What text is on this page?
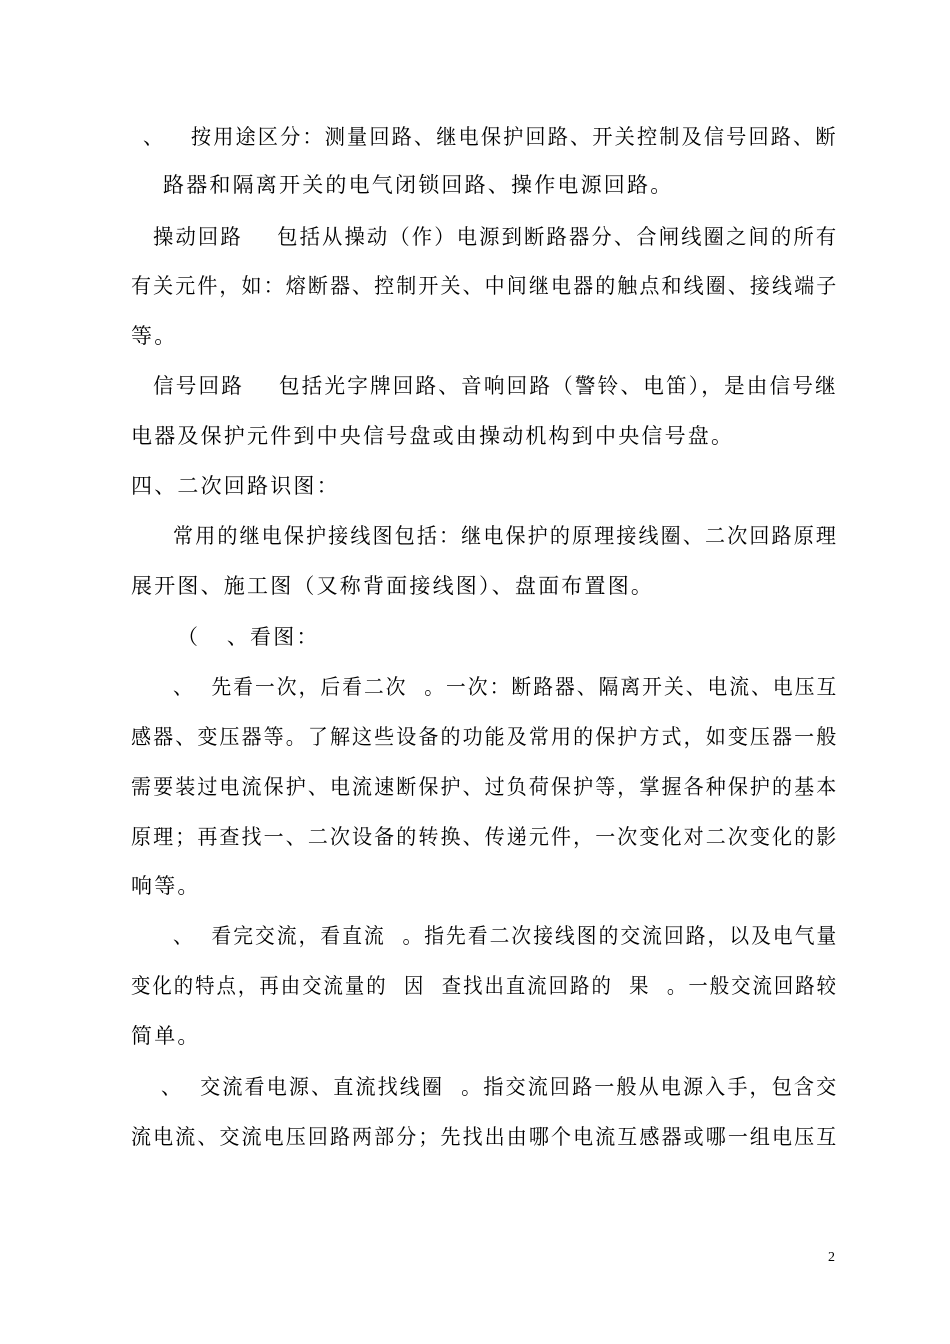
、   按用途区分：测量回路、继电保护回路、开关控制及信号回路、断
路器和隔离开关的电气闭锁回路、操作电源回路。
操动回路    包括从操动（作）电源到断路器分、合闸线圈之间的所有
有关元件，如：熔断器、控制开关、中间继电器的触点和线圈、接线端子
等。
信号回路    包括光字牌回路、音响回路（警铃、电笛），是由信号继
电器及保护元件到中央信号盘或由操动机构到中央信号盘。
四、二次回路识图：
常用的继电保护接线图包括：继电保护的原理接线圈、二次回路原理
展开图、施工图（又称背面接线图）、盘面布置图。
（   、看图：
、  先看一次，后看二次  。一次：断路器、隔离开关、电流、电压互
感器、变压器等。了解这些设备的功能及常用的保护方式，如变压器一般
需要装过电流保护、电流速断保护、过负荷保护等，掌握各种保护的基本
原理；再查找一、二次设备的转换、传递元件，一次变化对二次变化的影
响等。
、  看完交流，看直流  。指先看二次接线图的交流回路，以及电气量
变化的特点，再由交流量的  因  查找出直流回路的  果  。一般交流回路较
简单。
、  交流看电源、直流找线圈  。指交流回路一般从电源入手，包含交
流电流、交流电压回路两部分；先找出由哪个电流互感器或哪一组电压互
2
